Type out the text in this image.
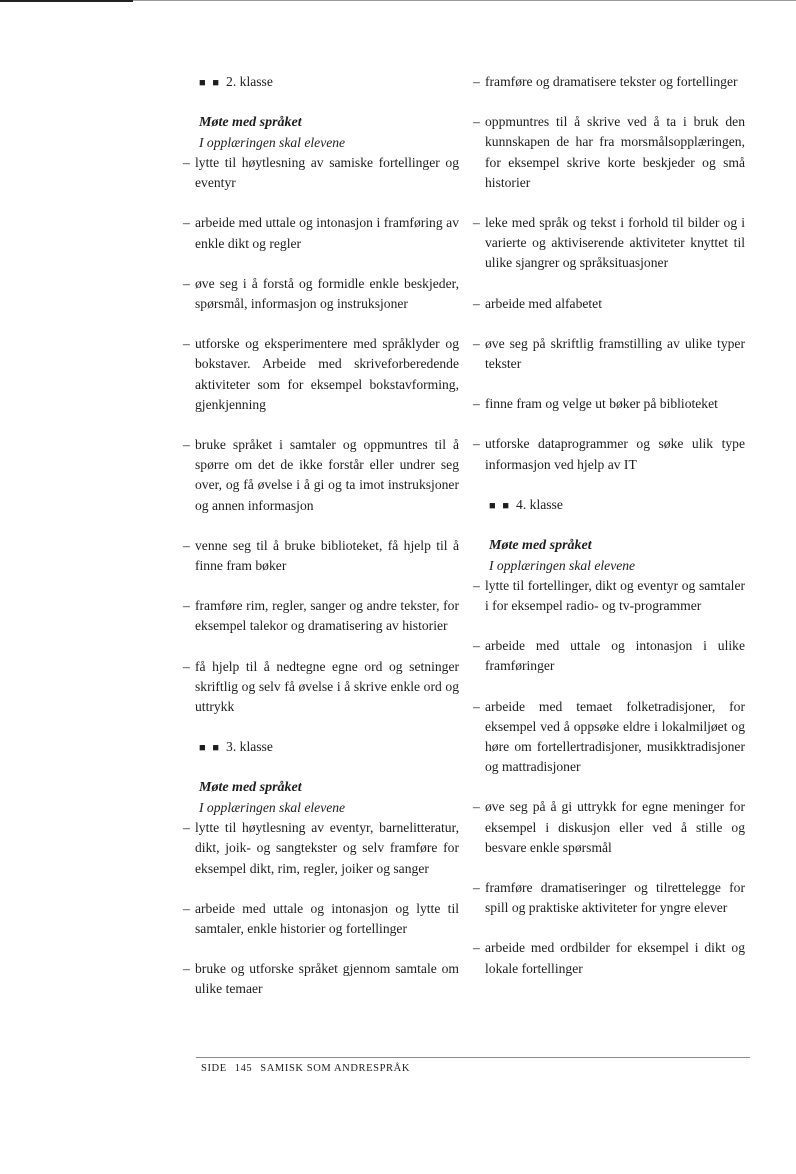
■ ■ 2. klasse
Møte med språket
I opplæringen skal elevene

– lytte til høytlesning av samiske fortellinger og eventyr

– arbeide med uttale og intonasjon i framføring av enkle dikt og regler

– øve seg i å forstå og formidle enkle beskjeder, spørsmål, informasjon og instruksjoner

– utforske og eksperimentere med språklyder og bokstaver. Arbeide med skriveforberedende aktiviteter som for eksempel bokstavforming, gjenkjenning

– bruke språket i samtaler og oppmuntres til å spørre om det de ikke forstår eller undrer seg over, og få øvelse i å gi og ta imot instruksjoner og annen informasjon

– venne seg til å bruke biblioteket, få hjelp til å finne fram bøker

– framføre rim, regler, sanger og andre tekster, for eksempel talekor og dramatisering av historier

– få hjelp til å nedtegne egne ord og setninger skriftlig og selv få øvelse i å skrive enkle ord og uttrykk

■ ■ 3. klasse
Møte med språket
I opplæringen skal elevene

– lytte til høytlesning av eventyr, barnelitteratur, dikt, joik- og sangtekster og selv framføre for eksempel dikt, rim, regler, joiker og sanger

– arbeide med uttale og intonasjon og lytte til samtaler, enkle historier og fortellinger

– bruke og utforske språket gjennom samtale om ulike temaer

– framføre og dramatisere tekster og fortellinger

– oppmuntres til å skrive ved å ta i bruk den kunnskapen de har fra morsmålsopplæringen, for eksempel skrive korte beskjeder og små historier

– leke med språk og tekst i forhold til bilder og i varierte og aktiviserende aktiviteter knyttet til ulike sjangrer og språksituasjoner

– arbeide med alfabetet

– øve seg på skriftlig framstilling av ulike typer tekster

– finne fram og velge ut bøker på biblioteket

– utforske dataprogrammer og søke ulik type informasjon ved hjelp av IT

■ ■ 4. klasse
Møte med språket
I opplæringen skal elevene

– lytte til fortellinger, dikt og eventyr og samtaler i for eksempel radio- og tv-programmer

– arbeide med uttale og intonasjon i ulike framføringer

– arbeide med temaet folketradisjoner, for eksempel ved å oppsøke eldre i lokalmiljøet og høre om fortellertradisjoner, musikktradisjoner og mattradisjoner

– øve seg på å gi uttrykk for egne meninger for eksempel i diskusjon eller ved å stille og besvare enkle spørsmål

– framføre dramatiseringer og tilrettelegge for spill og praktiske aktiviteter for yngre elever

– arbeide med ordbilder for eksempel i dikt og lokale fortellinger

SIDE 145 SAMISK SOM ANDRESPRÅK
